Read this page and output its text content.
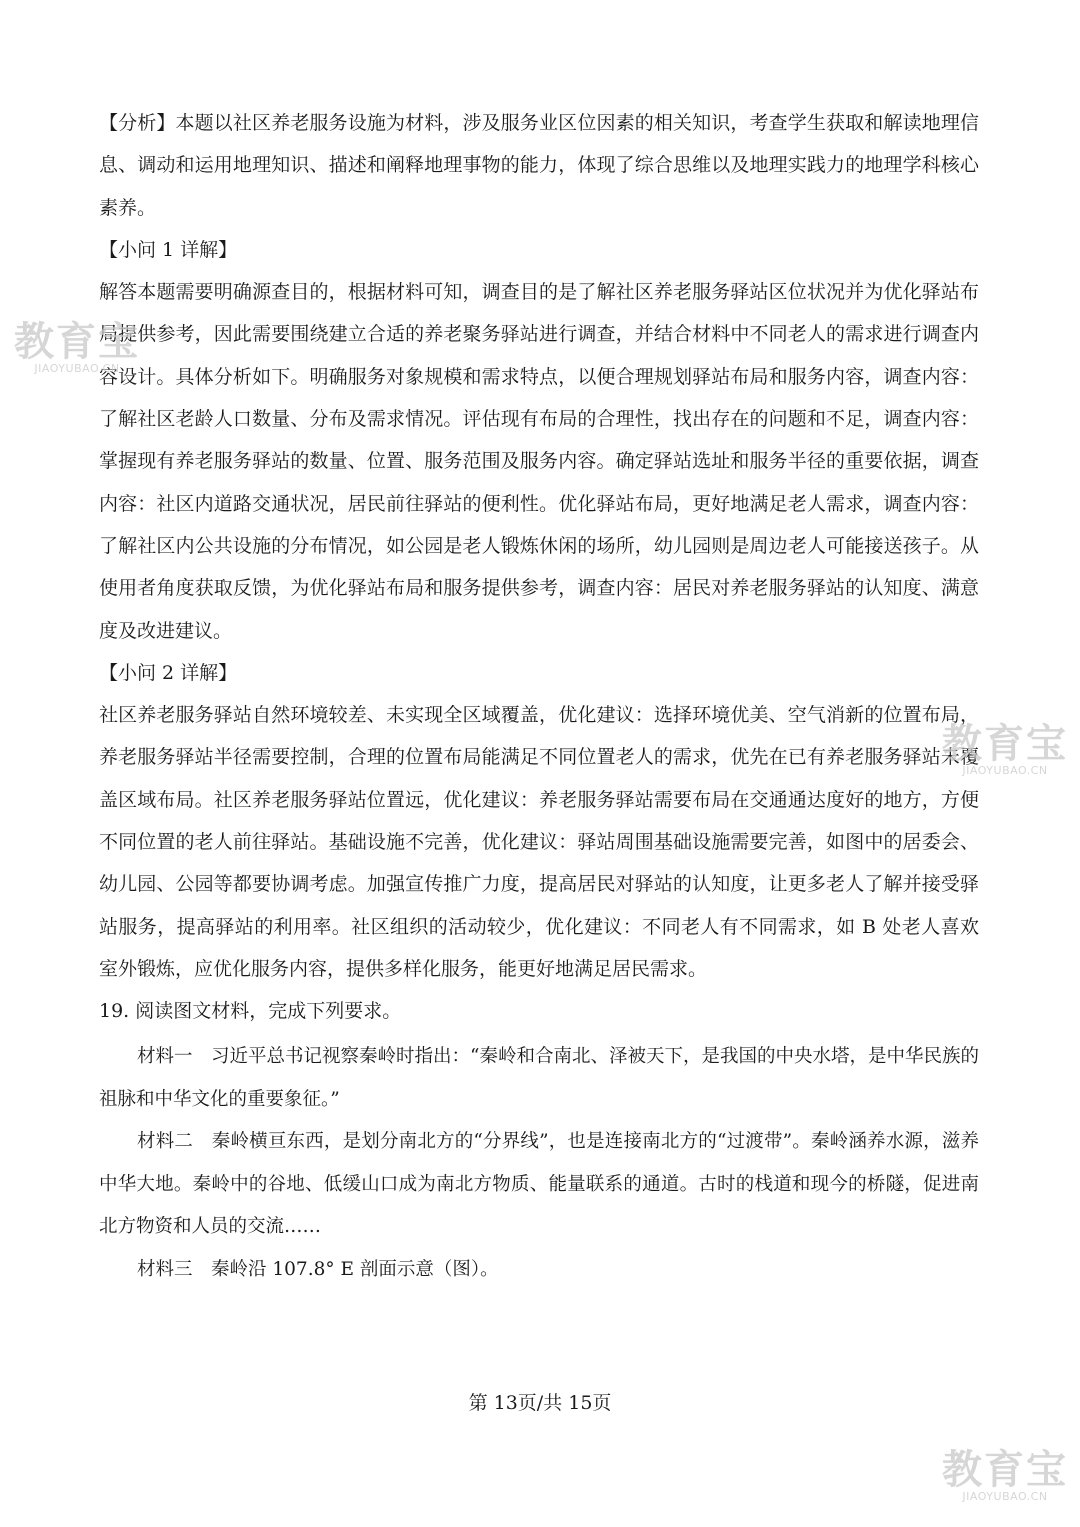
【分析】本题以社区养老服务设施为材料，涉及服务业区位因素的相关知识，考查学生获取和解读地理信息、调动和运用地理知识、描述和阐释地理事物的能力，体现了综合思维以及地理实践力的地理学科核心素养。

【小问 1 详解】

解答本题需要明确源查目的，根据材料可知，调查目的是了解社区养老服务驿站区位状况并为优化驿站布局提供参考，因此需要围绕建立合适的养老聚务驿站进行调查，并结合材料中不同老人的需求进行调查内容设计。具体分析如下。明确服务对象规模和需求特点，以便合理规划驿站布局和服务内容，调查内容：了解社区老龄人口数量、分布及需求情况。评估现有布局的合理性，找出存在的问题和不足，调查内容：掌握现有养老服务驿站的数量、位置、服务范围及服务内容。确定驿站选址和服务半径的重要依据，调查内容：社区内道路交通状况，居民前往驿站的便利性。优化驿站布局，更好地满足老人需求，调查内容：了解社区内公共设施的分布情况，如公园是老人锻炼休闲的场所，幼儿园则是周边老人可能接送孩子。从使用者角度获取反馈，为优化驿站布局和服务提供参考，调查内容：居民对养老服务驿站的认知度、满意度及改进建议。

【小问 2 详解】

社区养老服务驿站自然环境较差、未实现全区域覆盖，优化建议：选择环境优美、空气消新的位置布局，养老服务驿站半径需要控制，合理的位置布局能满足不同位置老人的需求，优先在已有养老服务驿站未覆盖区域布局。社区养老服务驿站位置远，优化建议：养老服务驿站需要布局在交通通达度好的地方，方便不同位置的老人前往驿站。基础设施不完善，优化建议：驿站周围基础设施需要完善，如图中的居委会、幼儿园、公园等都要协调考虑。加强宣传推广力度，提高居民对驿站的认知度，让更多老人了解并接受驿站服务，提高驿站的利用率。社区组织的活动较少，优化建议：不同老人有不同需求，如 B 处老人喜欢室外锻炼，应优化服务内容，提供多样化服务，能更好地满足居民需求。

19. 阅读图文材料，完成下列要求。

材料一　习近平总书记视察秦岭时指出：“秦岭和合南北、泽被天下，是我国的中央水塔，是中华民族的祖脉和中华文化的重要象征。”

材料二　秦岭横亘东西，是划分南北方的“分界线”，也是连接南北方的“过渡带”。秦岭涵养水源，滋养中华大地。秦岭中的谷地、低缓山口成为南北方物质、能量联系的通道。古时的栈道和现今的桥隧，促进南北方物资和人员的交流……

材料三　秦岭沿 107.8° E 剖面示意（图）。

第 13页/共 15页
教育宝
JIAOYUBAO.CN
教育宝
JIAOYUBAO.CN
教育宝
JIAOYUBAO.CN
